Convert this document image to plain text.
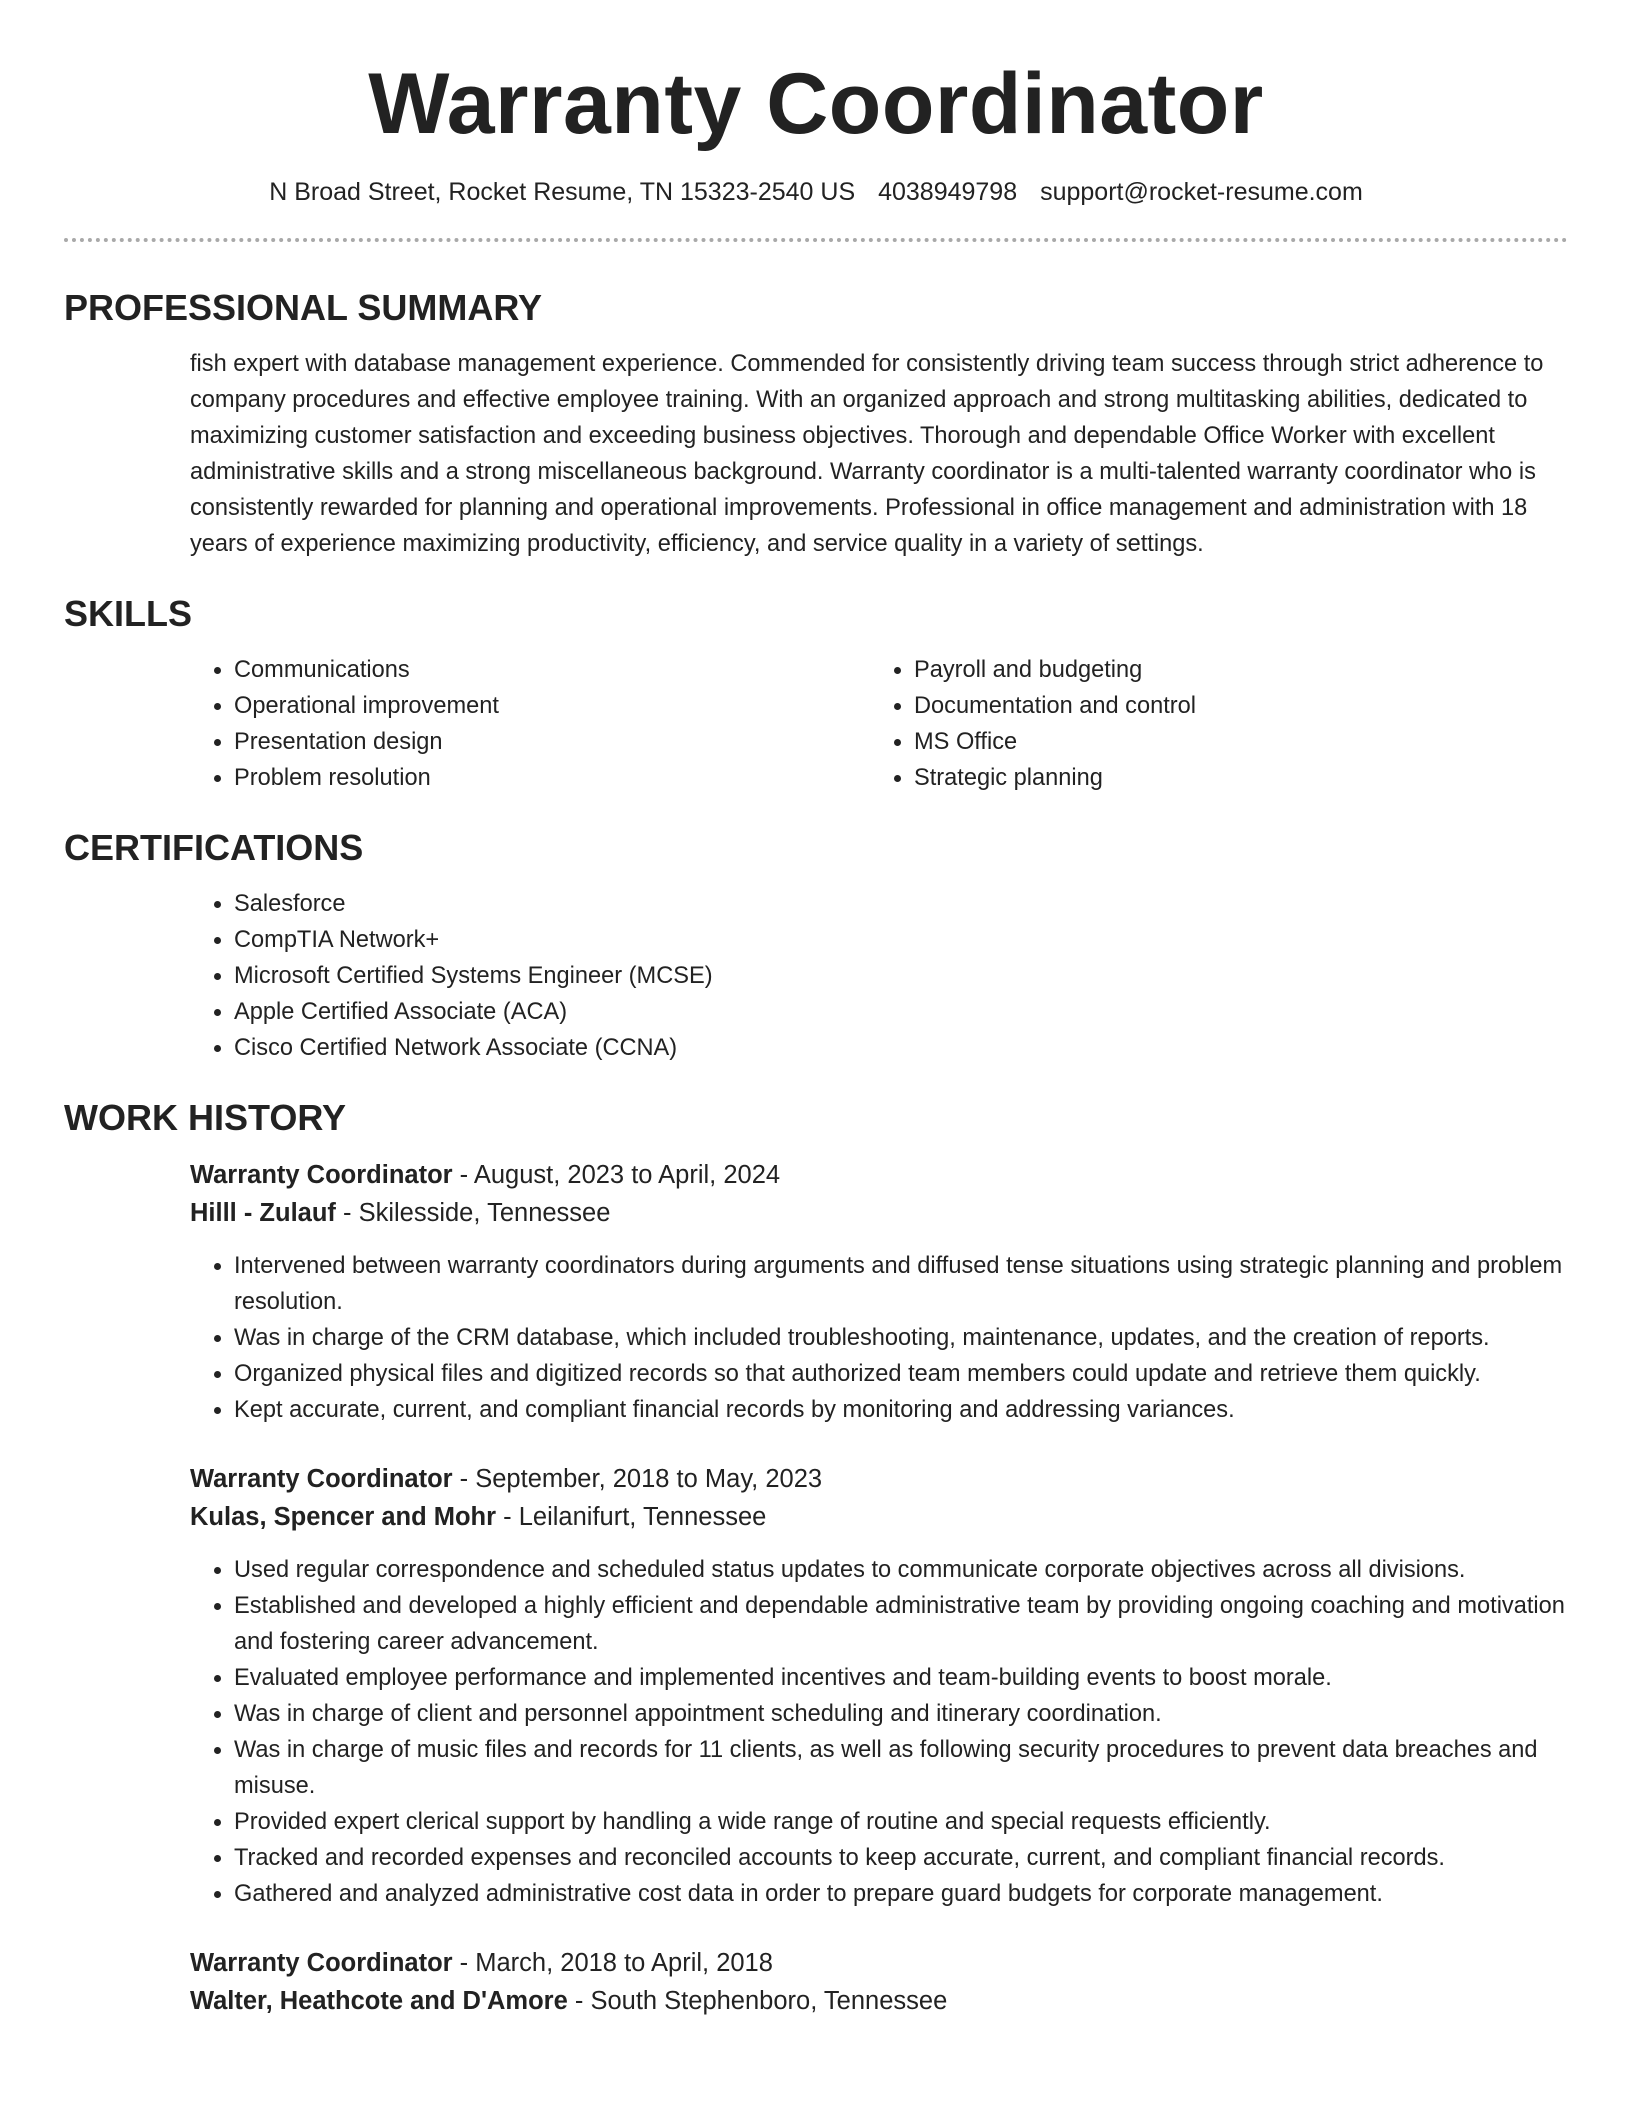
Warranty Coordinator
N Broad Street, Rocket Resume, TN 15323-2540 US 4038949798 support@rocket-resume.com
PROFESSIONAL SUMMARY

fish expert with database management experience. Commended for consistently driving team success through strict adherence to company procedures and effective employee training. With an organized approach and strong multitasking abilities, dedicated to maximizing customer satisfaction and exceeding business objectives. Thorough and dependable Office Worker with excellent administrative skills and a strong miscellaneous background. Warranty coordinator is a multi-talented warranty coordinator who is consistently rewarded for planning and operational improvements. Professional in office management and administration with 18 years of experience maximizing productivity, efficiency, and service quality in a variety of settings.

SKILLS
• Communications
• Operational improvement
• Presentation design
• Problem resolution
• Payroll and budgeting
• Documentation and control
• MS Office
• Strategic planning
CERTIFICATIONS
• Salesforce
• CompTIA Network+
• Microsoft Certified Systems Engineer (MCSE)
• Apple Certified Associate (ACA)
• Cisco Certified Network Associate (CCNA)
WORK HISTORY
Warranty Coordinator - August, 2023 to April, 2024
Hilll - Zulauf - Skilesside, Tennessee
• Intervened between warranty coordinators during arguments and diffused tense situations using strategic planning and problem resolution.
• Was in charge of the CRM database, which included troubleshooting, maintenance, updates, and the creation of reports.
• Organized physical files and digitized records so that authorized team members could update and retrieve them quickly.
• Kept accurate, current, and compliant financial records by monitoring and addressing variances.
Warranty Coordinator - September, 2018 to May, 2023
Kulas, Spencer and Mohr - Leilanifurt, Tennessee
• Used regular correspondence and scheduled status updates to communicate corporate objectives across all divisions.
• Established and developed a highly efficient and dependable administrative team by providing ongoing coaching and motivation and fostering career advancement.
• Evaluated employee performance and implemented incentives and team-building events to boost morale.
• Was in charge of client and personnel appointment scheduling and itinerary coordination.
• Was in charge of music files and records for 11 clients, as well as following security procedures to prevent data breaches and misuse.
• Provided expert clerical support by handling a wide range of routine and special requests efficiently.
• Tracked and recorded expenses and reconciled accounts to keep accurate, current, and compliant financial records.
• Gathered and analyzed administrative cost data in order to prepare guard budgets for corporate management.
Warranty Coordinator - March, 2018 to April, 2018
Walter, Heathcote and D'Amore - South Stephenboro, Tennessee
